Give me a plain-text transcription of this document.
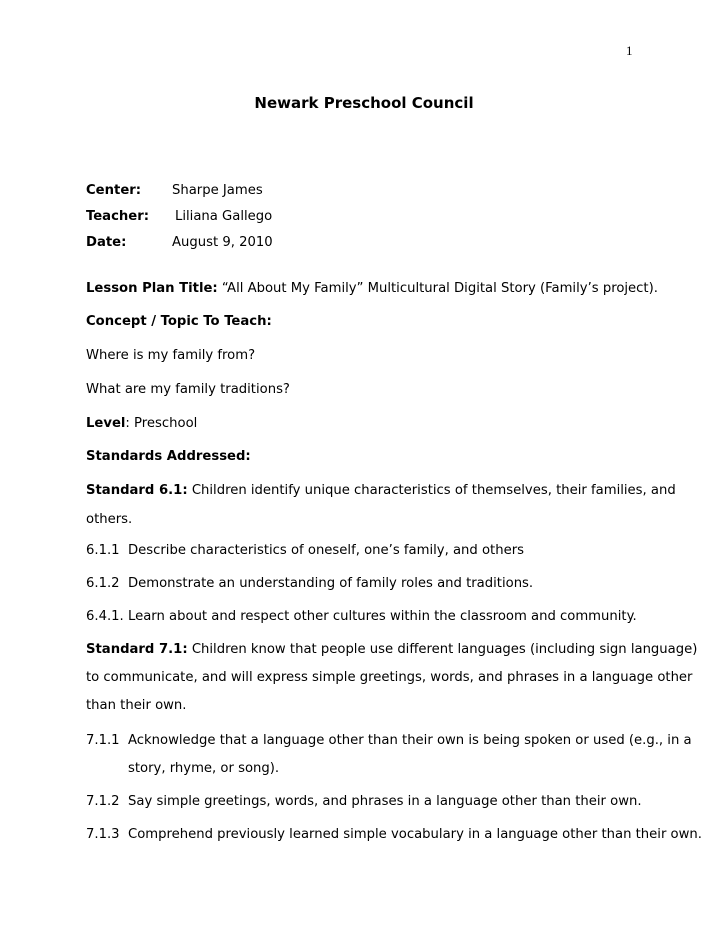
1
Newark Preschool Council
Center: Sharpe James
Teacher: Liliana Gallego
Date:	August 9, 2010
Lesson Plan Title: “All About My Family” Multicultural Digital Story (Family’s project).
Concept / Topic To Teach:
Where is my family from?
What are my family traditions?
Level: Preschool
Standards Addressed:
Standard 6.1: Children identify unique characteristics of themselves, their families, and
others.
6.1.1 Describe characteristics of oneself, one’s family, and others
6.1.2 Demonstrate an understanding of family roles and traditions.
6.4.1. Learn about and respect other cultures within the classroom and community.
Standard 7.1: Children know that people use different languages (including sign language)
to communicate, and will express simple greetings, words, and phrases in a language other
than their own.
7.1.1 Acknowledge that a language other than their own is being spoken or used (e.g., in a
story, rhyme, or song).
7.1.2 Say simple greetings, words, and phrases in a language other than their own.
7.1.3 Comprehend previously learned simple vocabulary in a language other than their own.
